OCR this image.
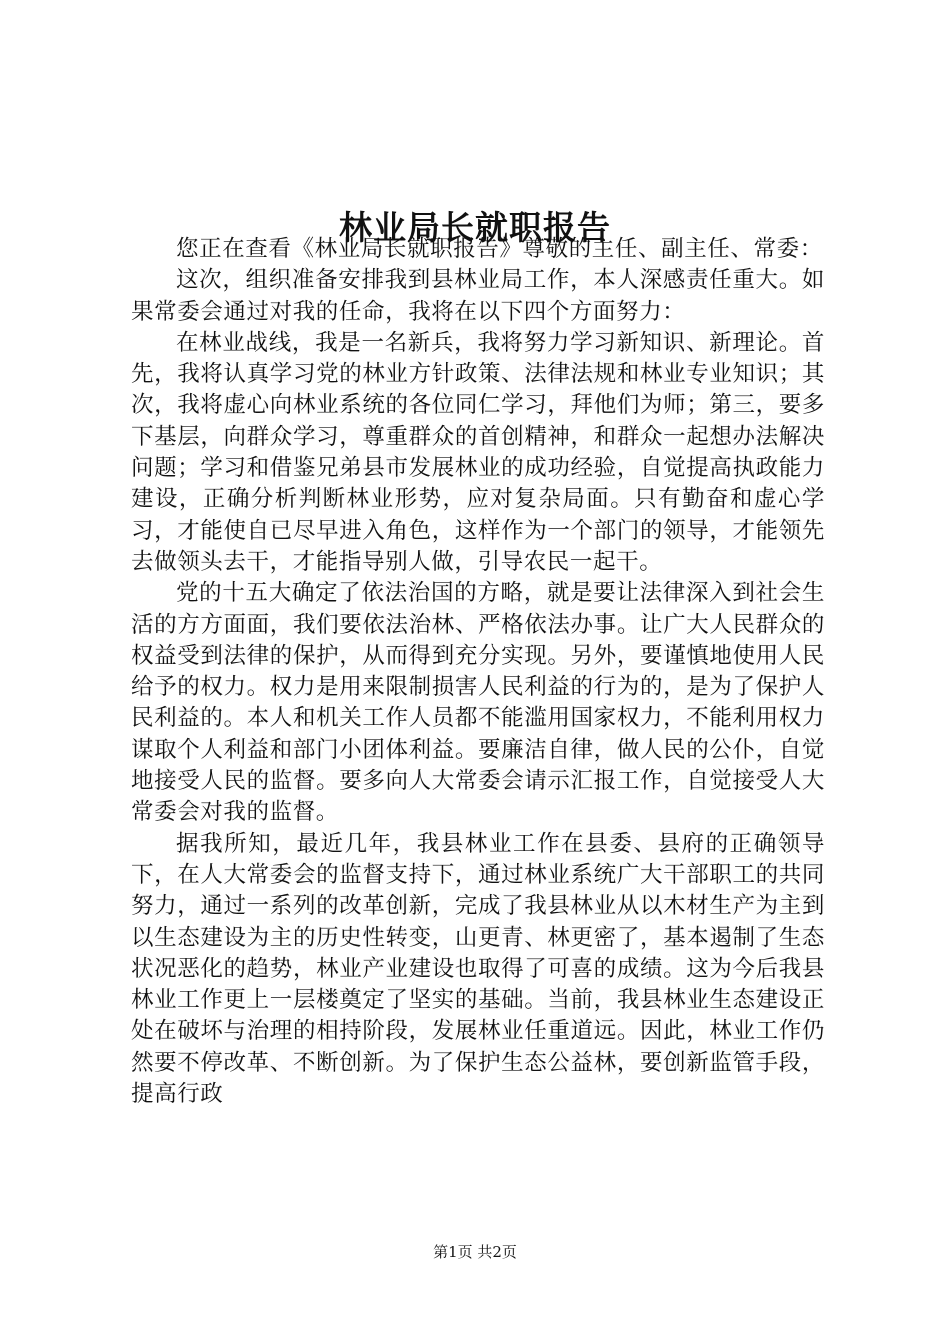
林业局长就职报告

您正在查看《林业局长就职报告》尊敬的主任、副主任、常委：

这次，组织准备安排我到县林业局工作，本人深感责任重大。如果常委会通过对我的任命，我将在以下四个方面努力：

在林业战线，我是一名新兵，我将努力学习新知识、新理论。首先，我将认真学习党的林业方针政策、法律法规和林业专业知识；其次，我将虚心向林业系统的各位同仁学习，拜他们为师；第三，要多下基层，向群众学习，尊重群众的首创精神，和群众一起想办法解决问题；学习和借鉴兄弟县市发展林业的成功经验，自觉提高执政能力建设，正确分析判断林业形势，应对复杂局面。只有勤奋和虚心学习，才能使自已尽早进入角色，这样作为一个部门的领导，才能领先去做领头去干，才能指导别人做，引导农民一起干。

党的十五大确定了依法治国的方略，就是要让法律深入到社会生活的方方面面，我们要依法治林、严格依法办事。让广大人民群众的权益受到法律的保护，从而得到充分实现。另外，要谨慎地使用人民给予的权力。权力是用来限制损害人民利益的行为的，是为了保护人民利益的。本人和机关工作人员都不能滥用国家权力，不能利用权力谋取个人利益和部门小团体利益。要廉洁自律，做人民的公仆，自觉地接受人民的监督。要多向人大常委会请示汇报工作，自觉接受人大常委会对我的监督。

据我所知，最近几年，我县林业工作在县委、县府的正确领导下，在人大常委会的监督支持下，通过林业系统广大干部职工的共同努力，通过一系列的改革创新，完成了我县林业从以木材生产为主到以生态建设为主的历史性转变，山更青、林更密了，基本遏制了生态状况恶化的趋势，林业产业建设也取得了可喜的成绩。这为今后我县林业工作更上一层楼奠定了坚实的基础。当前，我县林业生态建设正处在破坏与治理的相持阶段，发展林业任重道远。因此，林业工作仍然要不停改革、不断创新。为了保护生态公益林，要创新监管手段，提高行政

第1页 共2页
